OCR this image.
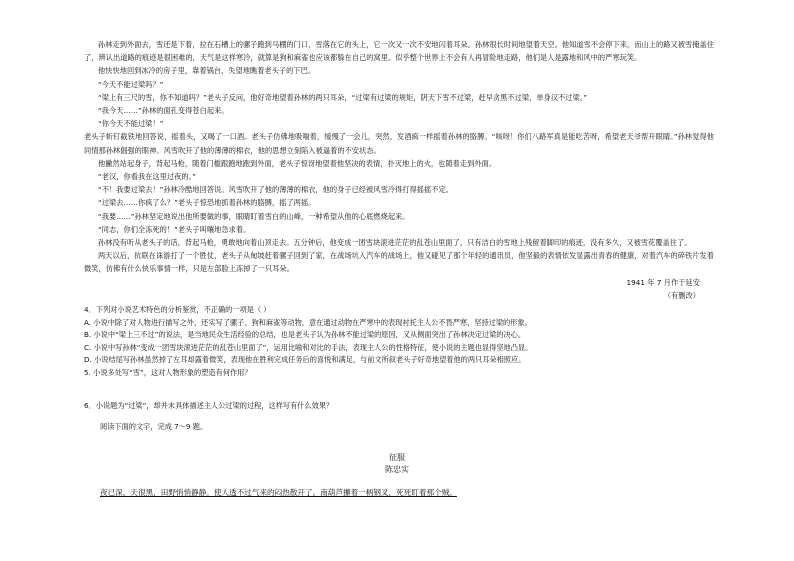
孙林走到外面去，雪还是下着，拉在石槽上的骡子跑到马棚的门口，雪落在它的头上，它一次又一次不安地闪着耳朵。孙林很长时间地望着天空。他知道雪不会停下来。而山上的路又被雪掩盖住了，辨认出道路的痕迹是很困难的，天气是这样寒冷，就算是狗和麻雀也应该都躲在自己的窝里。似乎整个世界上不会有人再冒险地走路，他们是人是露地和风中的严寒玩笑。
他快快地回到冰冷的房子里，靠着锅台，失望地瞧着老头子的下巴。
“今天不能过梁吗？”
“梁上有三尺的雪，你不知道吗？”老头子反问，他好奇地望着孙林的两只耳朵，“过梁有过梁的规矩，阴天下雪不过梁，赶早贪黑不过梁，单身汉不过梁。”
“我今天……”孙林的面孔变得苍白起来。
“你今天不能过梁！”
老头子斩钉截铁地回答说，摇着头，又喝了一口酒。老头子仿佛地吸喘着，缓慢了一会儿，突然，发酒疯一样摇着孙林的胳膊。“咳呀！你们八路军真是能吃苦呀，希望老天爷帮开眼睛。”孙林觉得他同情那孙林倔强的眼神。风雪吹开了他的薄薄的棉衣，他的思想立刻陷入被逼着的不安状态。
他撇然站起身子，背起马枪，随着门槛跟跑地跑到外面，老头子惊讶地望着他坚决的表情，扑灭地上的火，也随着走到外面。
“老汉，你看我在这里过夜的。”
“不！我要过梁去！”孙林冷酷地回答说。风雪吹开了他的薄薄的棉衣，他的身子已经被风雪冷得打得摇摇不定。
“过梁去……你疯了么？”老头子惊恐地抓着孙林的胳膊，摇了两摇。
“我要……”孙林坚定地说出他所要做的事，眼睛盯着雪白的山峰，一种希望从他的心底燃烧起来。
“同志，你们全冻死的！”老头子叫嚷地急求着。
孙林没有听从老头子的话，背起马枪，勇敢地向着山顶走去。五分钟后，他变成一团雪块滚进茫茫的乱苍山里面了，只有洁白的雪地上残留着脚印的痕迹，没有多久，又被雪花覆盖住了。
两天以后，抗联在诛游打了一个胜仗，老头子从甸坡赶着骡子回到了家，在战场坑入汽车的战场上，他又碰见了那个年轻的通讯员，他坚毅的表情依发显露出青春的健康，对着汽车的碎铁片发着微笑，仿佛有什么快乐事情一样，只是左部脸上冻掉了一只耳朵。
1941 年 7 月作于延安
（有删改）

4．下列对小说艺术特色的分析鉴赏，不正确的一项是（ ）

A. 小说中除了对人物进行描写之外，还实写了骡子、狗和麻雀等动物，意在通过动物在严寒中的表现衬托主人公不畏严寒，坚持过梁的形象。

B. 小说中“梁上三不过”的说法，是当地民众生活经验的总结，也是老头子认为孙林不能过梁的原因，又从侧面突出了孙林决定过梁的决心。

C. 小说中写孙林“变成一团雪块滚进茫茫的乱苍山里面了”，运用比喻和对比的手法，表现主人公的性格特征，使小说的主题也显得坚地凸显。

D. 小说结尾写孙林虽然掉了左耳却露着微笑，表现他在胜利完成任务后的喜悦和满足，与前文所叙老头子好奇地望着他的两只耳朵相照应。

5. 小说多处写“雪”，这对人物形象的塑造有何作用？

6．小说题为“过梁”，却并未具体描述主人公过梁的过程，这样写有什么效果？
阅读下面的文字，完成 7～9 题。
征服
陈忠实
夜已深，天很黑，田野悄悄静静。使人透不过气来的闷热散开了。南葫芦攥着一柄钢叉，死死盯着那个贼。
